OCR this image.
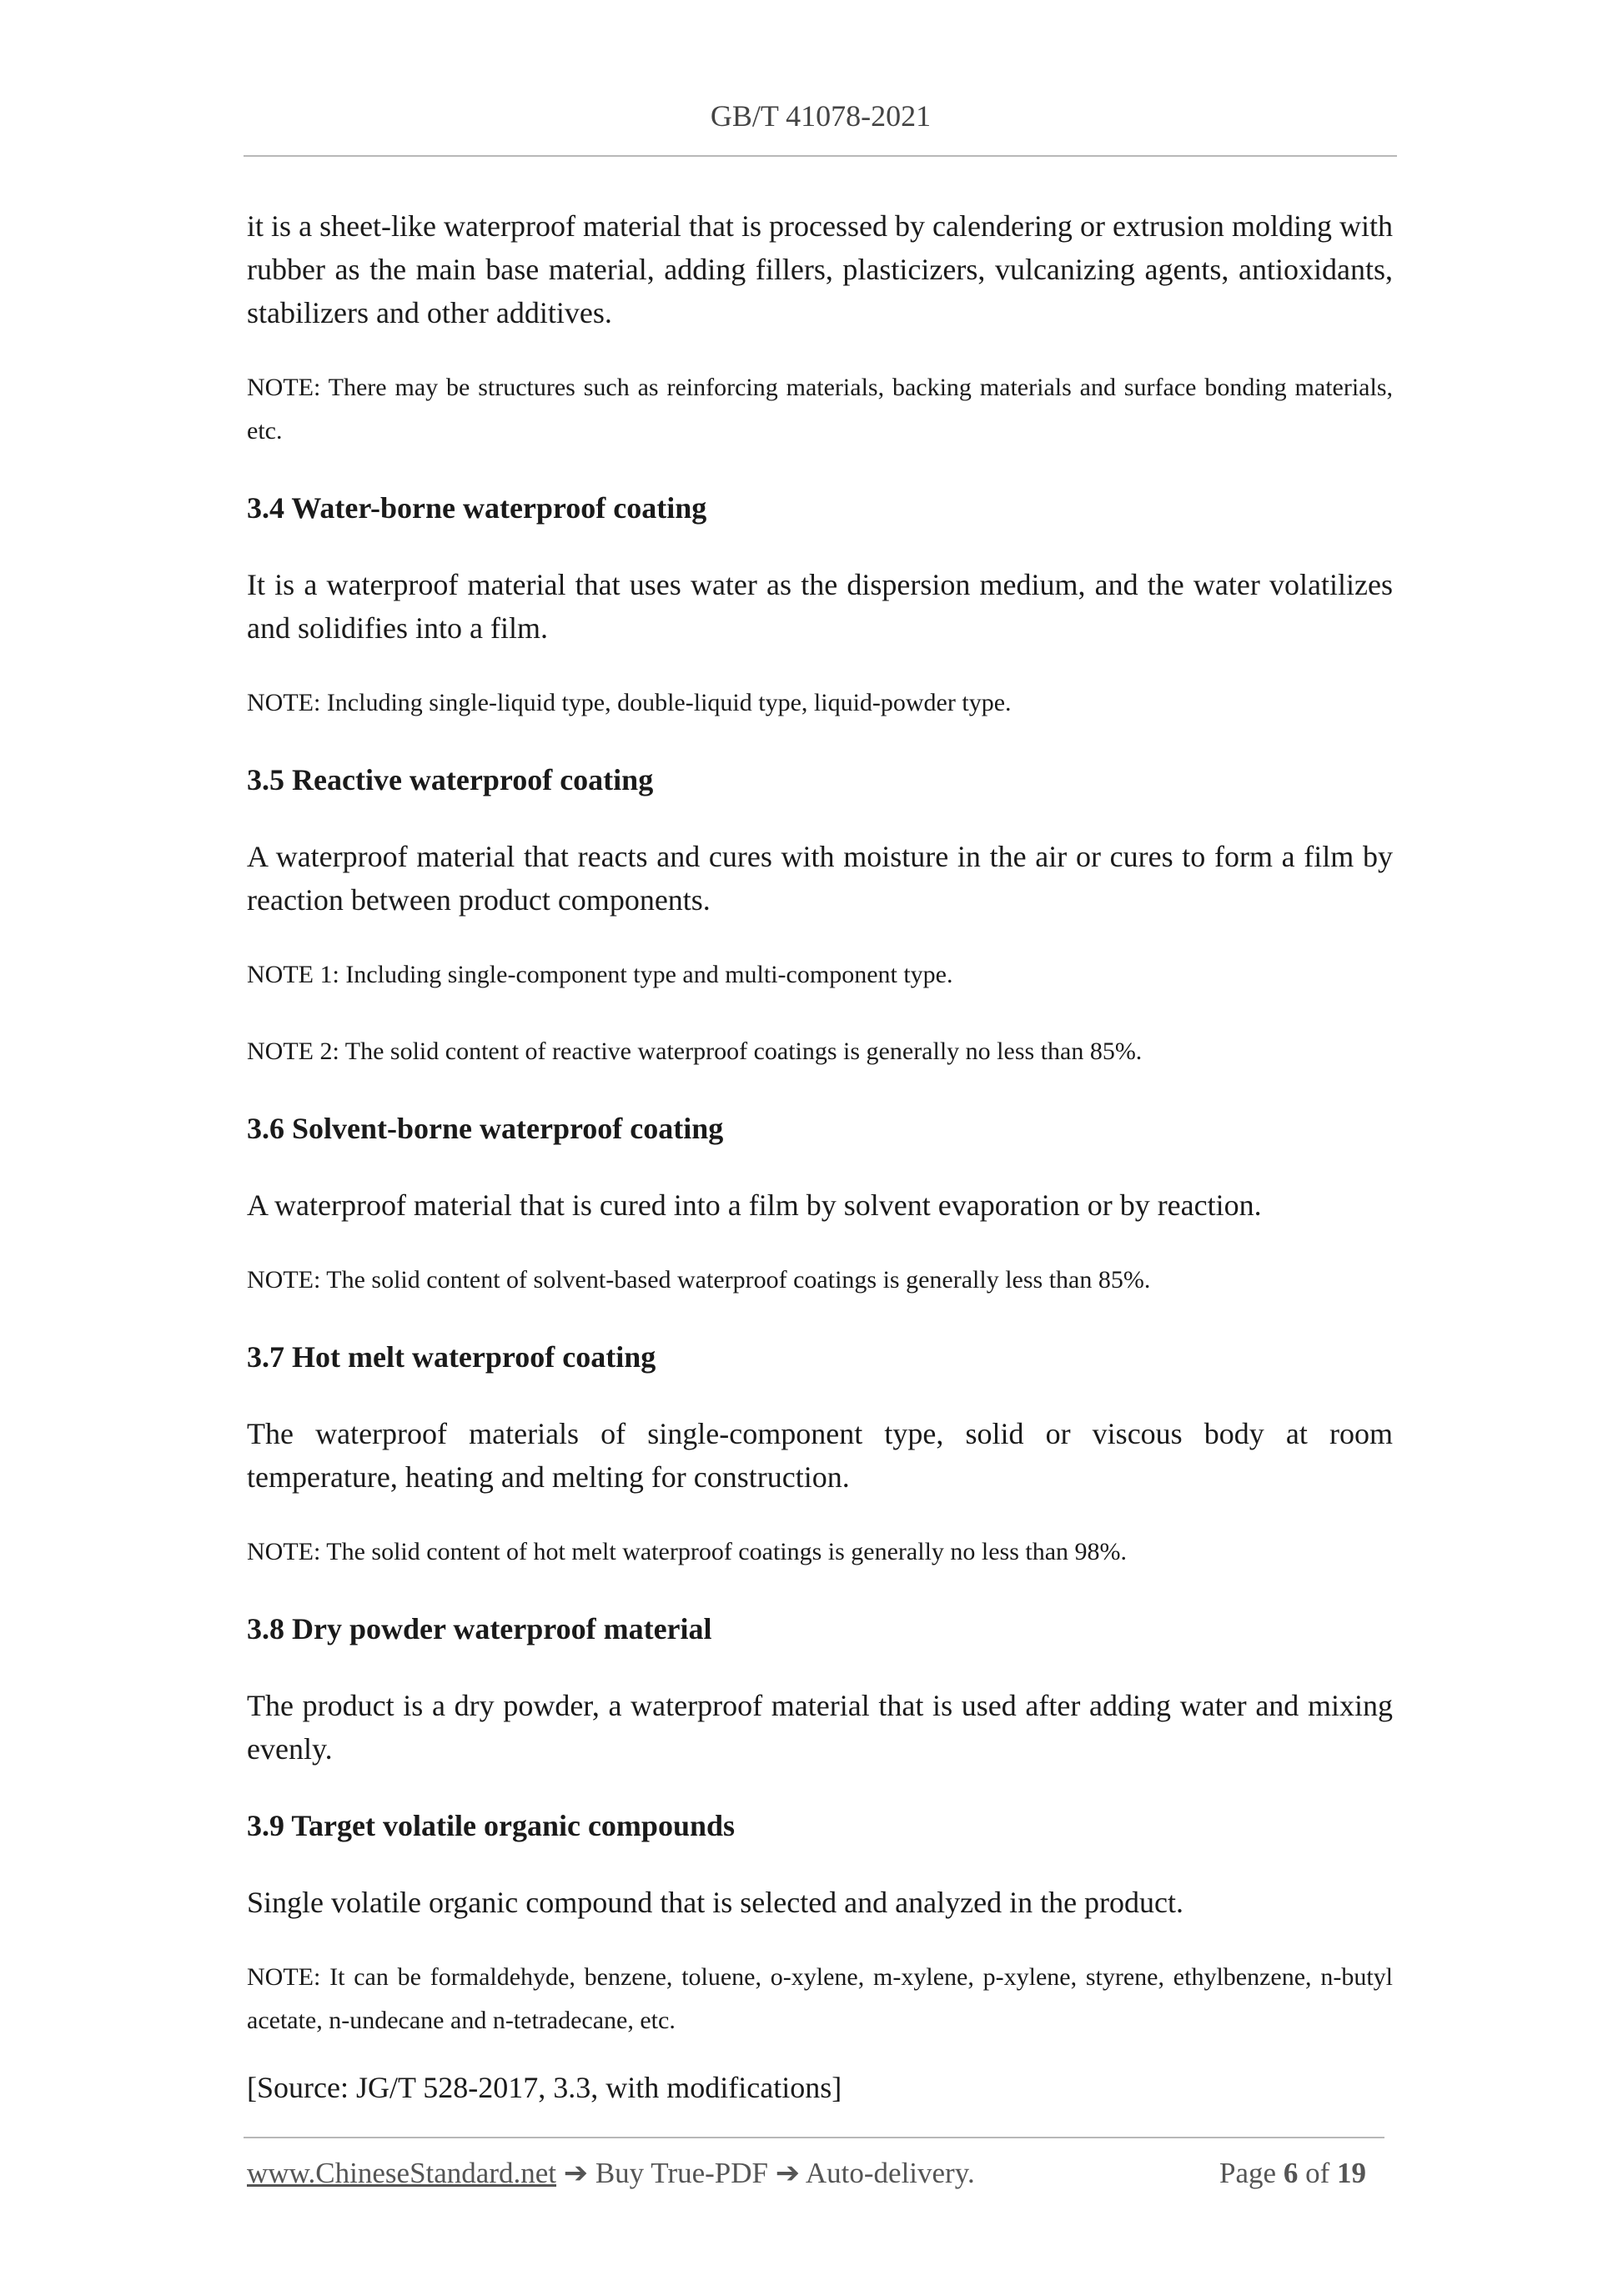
GB/T 41078-2021

it is a sheet-like waterproof material that is processed by calendering or extrusion molding with rubber as the main base material, adding fillers, plasticizers, vulcanizing agents, antioxidants, stabilizers and other additives.

NOTE: There may be structures such as reinforcing materials, backing materials and surface bonding materials, etc.

3.4 Water-borne waterproof coating

It is a waterproof material that uses water as the dispersion medium, and the water volatilizes and solidifies into a film.

NOTE: Including single-liquid type, double-liquid type, liquid-powder type.

3.5 Reactive waterproof coating

A waterproof material that reacts and cures with moisture in the air or cures to form a film by reaction between product components.

NOTE 1: Including single-component type and multi-component type.

NOTE 2: The solid content of reactive waterproof coatings is generally no less than 85%.

3.6 Solvent-borne waterproof coating

A waterproof material that is cured into a film by solvent evaporation or by reaction.

NOTE: The solid content of solvent-based waterproof coatings is generally less than 85%.

3.7 Hot melt waterproof coating

The waterproof materials of single-component type, solid or viscous body at room temperature, heating and melting for construction.

NOTE: The solid content of hot melt waterproof coatings is generally no less than 98%.

3.8 Dry powder waterproof material

The product is a dry powder, a waterproof material that is used after adding water and mixing evenly.

3.9 Target volatile organic compounds

Single volatile organic compound that is selected and analyzed in the product.

NOTE: It can be formaldehyde, benzene, toluene, o-xylene, m-xylene, p-xylene, styrene, ethylbenzene, n-butyl acetate, n-undecane and n-tetradecane, etc.

[Source: JG/T 528-2017, 3.3, with modifications]

www.ChineseStandard.net ➔ Buy True-PDF ➔ Auto-delivery.	Page 6 of 19
